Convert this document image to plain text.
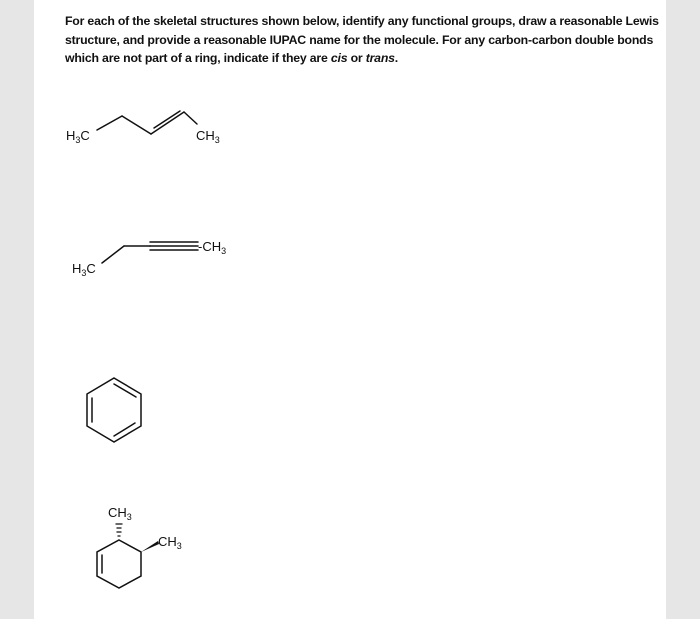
For each of the skeletal structures shown below, identify any functional groups, draw a reasonable Lewis
structure, and provide a reasonable IUPAC name for the molecule. For any carbon-carbon double bonds
which are not part of a ring, indicate if they are cis or trans.
$H_3C$	$CH_3$
$H_3C$
$-CH_3$
$CH_3$
$CH_3$
